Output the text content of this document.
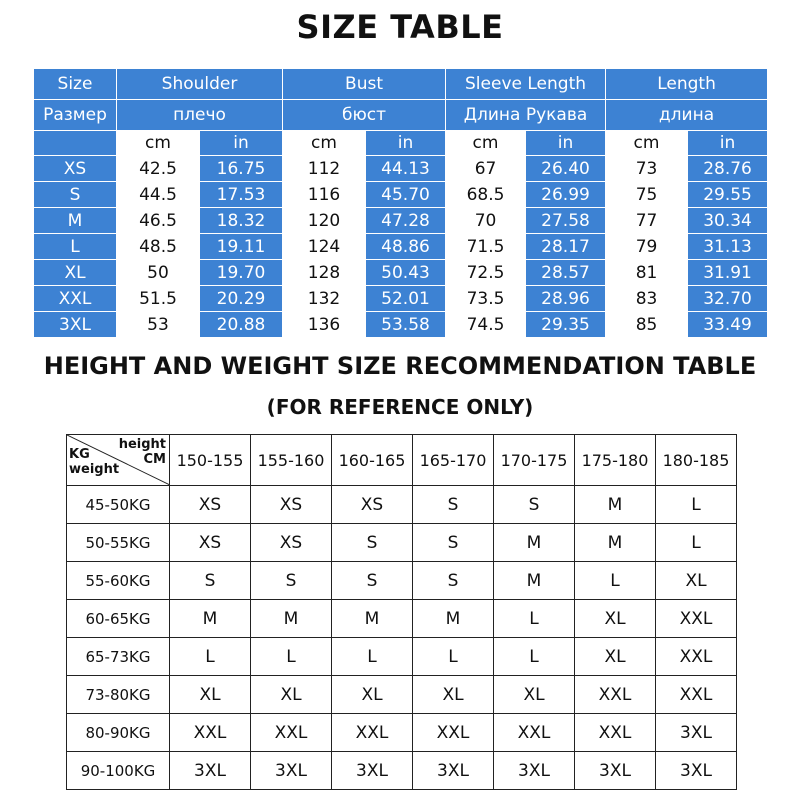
SIZE TABLE
Size	Shoulder		Bust		Sleeve Length		Length	
Размер	плечо		бюст		Длина Рукава		длина	
	cm	in	cm	in	cm	in	cm	in
XS	42.5	16.75	112	44.13	67	26.40	73	28.76
S	44.5	17.53	116	45.70	68.5	26.99	75	29.55
M	46.5	18.32	120	47.28	70	27.58	77	30.34
L	48.5	19.11	124	48.86	71.5	28.17	79	31.13
XL	50	19.70	128	50.43	72.5	28.57	81	31.91
XXL	51.5	20.29	132	52.01	73.5	28.96	83	32.70
3XL	53	20.88	136	53.58	74.5	29.35	85	33.49
HEIGHT AND WEIGHT SIZE RECOMMENDATION TABLE
(FOR REFERENCE ONLY)
height
CM
KG
weight	150-155	155-160	160-165	165-170	170-175	175-180	180-185
45-50KG	XS	XS	XS	S	S	M	L
50-55KG	XS	XS	S	S	M	M	L
55-60KG	S	S	S	S	M	L	XL
60-65KG	M	M	M	M	L	XL	XXL
65-73KG	L	L	L	L	L	XL	XXL
73-80KG	XL	XL	XL	XL	XL	XXL	XXL
80-90KG	XXL	XXL	XXL	XXL	XXL	XXL	3XL
90-100KG	3XL	3XL	3XL	3XL	3XL	3XL	3XL
